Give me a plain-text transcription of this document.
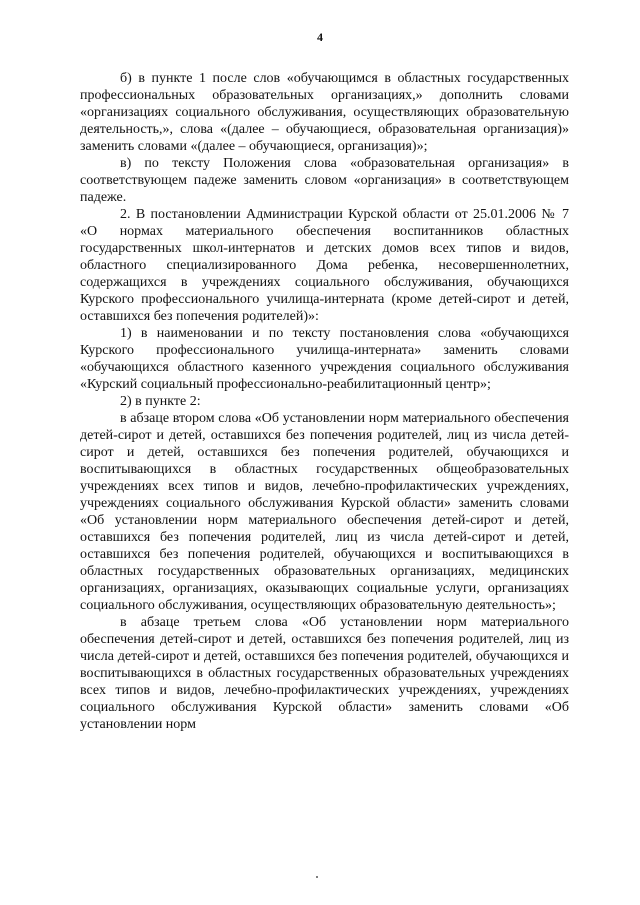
4

б) в пункте 1 после слов «обучающимся в областных государственных профессиональных образовательных организациях,» дополнить словами «организациях социального обслуживания, осуществляющих образовательную деятельность,», слова «(далее – обучающиеся, образовательная организация)» заменить словами «(далее – обучающиеся, организация)»;

в) по тексту Положения слова «образовательная организация» в соответствующем падеже заменить словом «организация» в соответствующем падеже.

2. В постановлении Администрации Курской области от 25.01.2006 № 7 «О нормах материального обеспечения воспитанников областных государственных школ-интернатов и детских домов всех типов и видов, областного специализированного Дома ребенка, несовершеннолетних, содержащихся в учреждениях социального обслуживания, обучающихся Курского профессионального училища-интерната (кроме детей-сирот и детей, оставшихся без попечения родителей)»:

1) в наименовании и по тексту постановления слова «обучающихся Курского профессионального училища-интерната» заменить словами «обучающихся областного казенного учреждения социального обслуживания «Курский социальный профессионально-реабилитационный центр»;

2) в пункте 2:

в абзаце втором слова «Об установлении норм материального обеспечения детей-сирот и детей, оставшихся без попечения родителей, лиц из числа детей-сирот и детей, оставшихся без попечения родителей, обучающихся и воспитывающихся в областных государственных общеобразовательных учреждениях всех типов и видов, лечебно-профилактических учреждениях, учреждениях социального обслуживания Курской области» заменить словами «Об установлении норм материального обеспечения детей-сирот и детей, оставшихся без попечения родителей, лиц из числа детей-сирот и детей, оставшихся без попечения родителей, обучающихся и воспитывающихся в областных государственных образовательных организациях, медицинских организациях, организациях, оказывающих социальные услуги, организациях социального обслуживания, осуществляющих образовательную деятельность»;

в абзаце третьем слова «Об установлении норм материального обеспечения детей-сирот и детей, оставшихся без попечения родителей, лиц из числа детей-сирот и детей, оставшихся без попечения родителей, обучающихся и воспитывающихся в областных государственных образовательных учреждениях всех типов и видов, лечебно-профилактических учреждениях, учреждениях социального обслуживания Курской области» заменить словами «Об установлении норм
